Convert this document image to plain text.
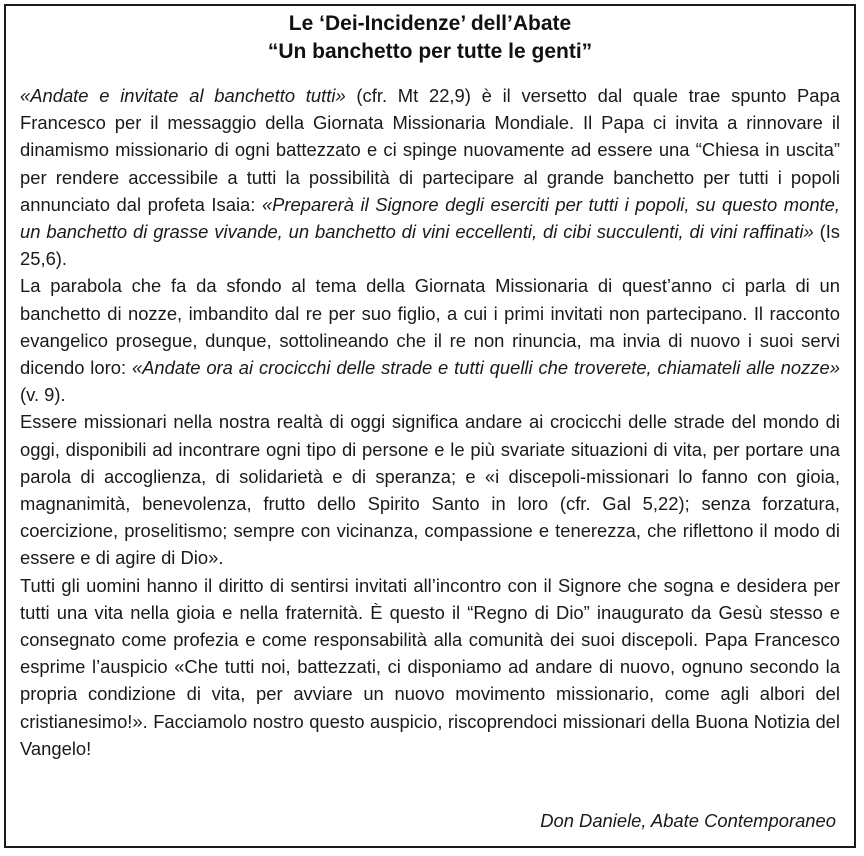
Le ‘Dei-Incidenze’ dell’Abate
“Un banchetto per tutte le genti”

«Andate e invitate al banchetto tutti» (cfr. Mt 22,9) è il versetto dal quale trae spunto Papa Francesco per il messaggio della Giornata Missionaria Mondiale. Il Papa ci invita a rinnovare il dinamismo missionario di ogni battezzato e ci spinge nuovamente ad essere una “Chiesa in uscita” per rendere accessibile a tutti la possibilità di partecipare al grande banchetto per tutti i popoli annunciato dal profeta Isaia: «Preparerà il Signore degli eserciti per tutti i popoli, su questo monte, un banchetto di grasse vivande, un banchetto di vini eccellenti, di cibi succulenti, di vini raffinati» (Is 25,6).

La parabola che fa da sfondo al tema della Giornata Missionaria di quest’anno ci parla di un banchetto di nozze, imbandito dal re per suo figlio, a cui i primi invitati non partecipano. Il racconto evangelico prosegue, dunque, sottolineando che il re non rinuncia, ma invia di nuovo i suoi servi dicendo loro: «Andate ora ai crocicchi delle strade e tutti quelli che troverete, chiamateli alle nozze» (v. 9).

Essere missionari nella nostra realtà di oggi significa andare ai crocicchi delle strade del mondo di oggi, disponibili ad incontrare ogni tipo di persone e le più svariate situazioni di vita, per portare una parola di accoglienza, di solidarietà e di speranza; e «i discepoli-missionari lo fanno con gioia, magnanimità, benevolenza, frutto dello Spirito Santo in loro (cfr. Gal 5,22); senza forzatura, coercizione, proselitismo; sempre con vicinanza, compassione e tenerezza, che riflettono il modo di essere e di agire di Dio».

Tutti gli uomini hanno il diritto di sentirsi invitati all’incontro con il Signore che sogna e desidera per tutti una vita nella gioia e nella fraternità. È questo il “Regno di Dio” inaugurato da Gesù stesso e consegnato come profezia e come responsabilità alla comunità dei suoi discepoli. Papa Francesco esprime l’auspicio «Che tutti noi, battezzati, ci disponiamo ad andare di nuovo, ognuno secondo la propria condizione di vita, per avviare un nuovo movimento missionario, come agli albori del cristianesimo!». Facciamolo nostro questo auspicio, riscoprendoci missionari della Buona Notizia del Vangelo!

Don Daniele, Abate Contemporaneo
